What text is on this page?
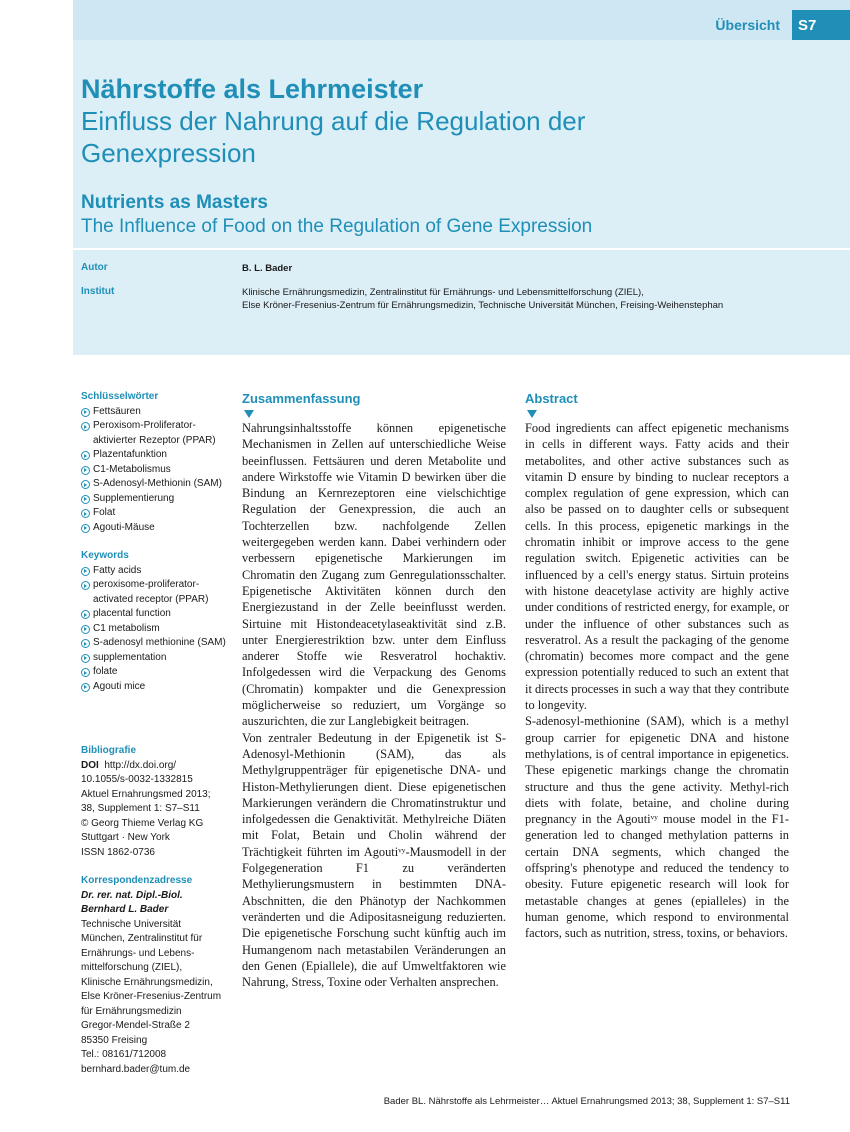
Übersicht	S7
Nährstoffe als Lehrmeister
Einfluss der Nahrung auf die Regulation der Genexpression
Nutrients as Masters
The Influence of Food on the Regulation of Gene Expression
Autor	B. L. Bader
Institut	Klinische Ernährungsmedizin, Zentralinstitut für Ernährungs- und Lebensmittelforschung (ZIEL),
Else Kröner-Fresenius-Zentrum für Ernährungsmedizin, Technische Universität München, Freising-Weihenstephan
Schlüsselwörter
Fettsäuren
Peroxisom-Proliferator-aktivierter Rezeptor (PPAR)
Plazentafunktion
C1-Metabolismus
S-Adenosyl-Methionin (SAM)
Supplementierung
Folat
Agouti-Mäuse
Keywords
Fatty acids
peroxisome-proliferator-activated receptor (PPAR)
placental function
C1 metabolism
S-adenosyl methionine (SAM)
supplementation
folate
Agouti mice
Bibliografie
DOI http://dx.doi.org/
10.1055/s-0032-1332815
Aktuel Ernahrungsmed 2013;
38, Supplement 1: S7–S11
© Georg Thieme Verlag KG
Stuttgart · New York
ISSN 1862-0736
Korrespondenzadresse
Dr. rer. nat. Dipl.-Biol.
Bernhard L. Bader
Technische Universität
München, Zentralinstitut für
Ernährungs- und Lebens-
mittelforschung (ZIEL),
Klinische Ernährungsmedizin,
Else Kröner-Fresenius-Zentrum
für Ernährungsmedizin
Gregor-Mendel-Straße 2
85350 Freising
Tel.: 08161/712008
bernhard.bader@tum.de
Zusammenfassung

Nahrungsinhaltsstoffe können epigenetische Mechanismen in Zellen auf unterschiedliche Weise beeinflussen. Fettsäuren und deren Metabolite und andere Wirkstoffe wie Vitamin D bewirken über die Bindung an Kernrezeptoren eine vielschichtige Regulation der Genexpression, die auch an Tochterzellen bzw. nachfolgende Zellen weitergegeben werden kann. Dabei verhindern oder verbessern epigenetische Markierungen im Chromatin den Zugang zum Genregulationsschalter. Epigenetische Aktivitäten können durch den Energiezustand in der Zelle beeinflusst werden. Sirtuine mit Histondeacetylaseaktivität sind z.B. unter Energierestriktion bzw. unter dem Einfluss anderer Stoffe wie Resveratrol hochaktiv. Infolgedessen wird die Verpackung des Genoms (Chromatin) kompakter und die Genexpression möglicherweise so reduziert, um Vorgänge so auszurichten, die zur Langlebigkeit beitragen.

Von zentraler Bedeutung in der Epigenetik ist S-Adenosyl-Methionin (SAM), das als Methylgruppenträger für epigenetische DNA- und Histon-Methylierungen dient. Diese epigenetischen Markierungen verändern die Chromatinstruktur und infolgedessen die Genaktivität. Methylreiche Diäten mit Folat, Betain und Cholin während der Trächtigkeit führten im Agoutiᵛʸ-Mausmodell in der Folgegeneration F1 zu veränderten Methylierungsmustern in bestimmten DNA-Abschnitten, die den Phänotyp der Nachkommen veränderten und die Adipositasneigung reduzierten. Die epigenetische Forschung sucht künftig auch im Humangenom nach metastabilen Veränderungen an den Genen (Epiallele), die auf Umweltfaktoren wie Nahrung, Stress, Toxine oder Verhalten ansprechen.

Abstract

Food ingredients can affect epigenetic mechanisms in cells in different ways. Fatty acids and their metabolites, and other active substances such as vitamin D ensure by binding to nuclear receptors a complex regulation of gene expression, which can also be passed on to daughter cells or subsequent cells. In this process, epigenetic markings in the chromatin inhibit or improve access to the gene regulation switch. Epigenetic activities can be influenced by a cell's energy status. Sirtuin proteins with histone deacetylase activity are highly active under conditions of restricted energy, for example, or under the influence of other substances such as resveratrol. As a result the packaging of the genome (chromatin) becomes more compact and the gene expression potentially reduced to such an extent that it directs processes in such a way that they contribute to longevity.

S-adenosyl-methionine (SAM), which is a methyl group carrier for epigenetic DNA and histone methylations, is of central importance in epigenetics. These epigenetic markings change the chromatin structure and thus the gene activity. Methyl-rich diets with folate, betaine, and choline during pregnancy in the Agoutiᵛʸ mouse model in the F1-generation led to changed methylation patterns in certain DNA segments, which changed the offspring's phenotype and reduced the tendency to obesity. Future epigenetic research will look for metastable changes at genes (epialleles) in the human genome, which respond to environmental factors, such as nutrition, stress, toxins, or behaviors.

Bader BL. Nährstoffe als Lehrmeister… Aktuel Ernahrungsmed 2013; 38, Supplement 1: S7–S11
